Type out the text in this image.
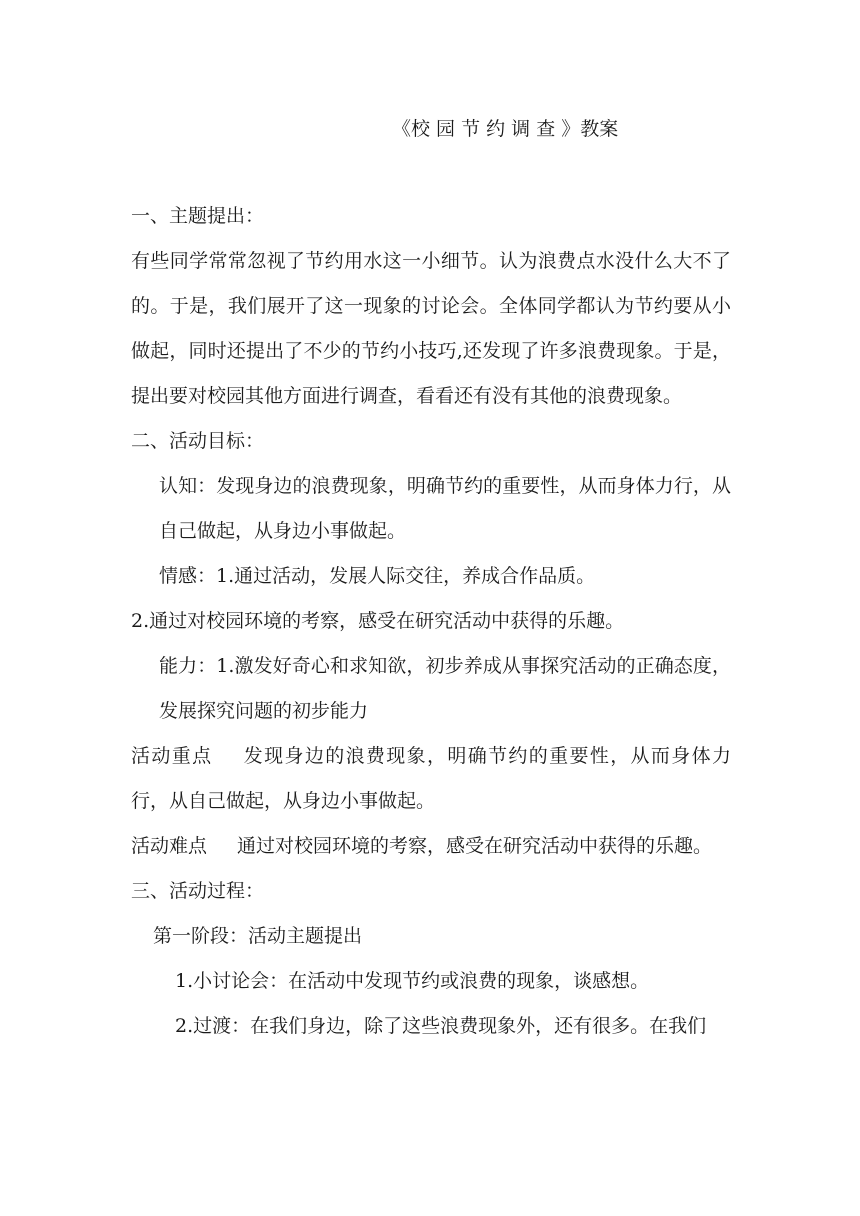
《校 园 节 约 调 查 》教案

一、主题提出：

有些同学常常忽视了节约用水这一小细节。认为浪费点水没什么大不了的。于是，我们展开了这一现象的讨论会。全体同学都认为节约要从小做起，同时还提出了不少的节约小技巧,还发现了许多浪费现象。于是，提出要对校园其他方面进行调查，看看还有没有其他的浪费现象。

二、活动目标：

认知：发现身边的浪费现象，明确节约的重要性，从而身体力行，从自己做起，从身边小事做起。

情感：1.通过活动，发展人际交往，养成合作品质。

2.通过对校园环境的考察，感受在研究活动中获得的乐趣。

能力：1.激发好奇心和求知欲，初步养成从事探究活动的正确态度，发展探究问题的初步能力

活动重点 发现身边的浪费现象，明确节约的重要性，从而身体力行，从自己做起，从身边小事做起。

活动难点 通过对校园环境的考察，感受在研究活动中获得的乐趣。

三、活动过程：

第一阶段：活动主题提出

1.小讨论会：在活动中发现节约或浪费的现象，谈感想。

2.过渡：在我们身边，除了这些浪费现象外，还有很多。在我们
